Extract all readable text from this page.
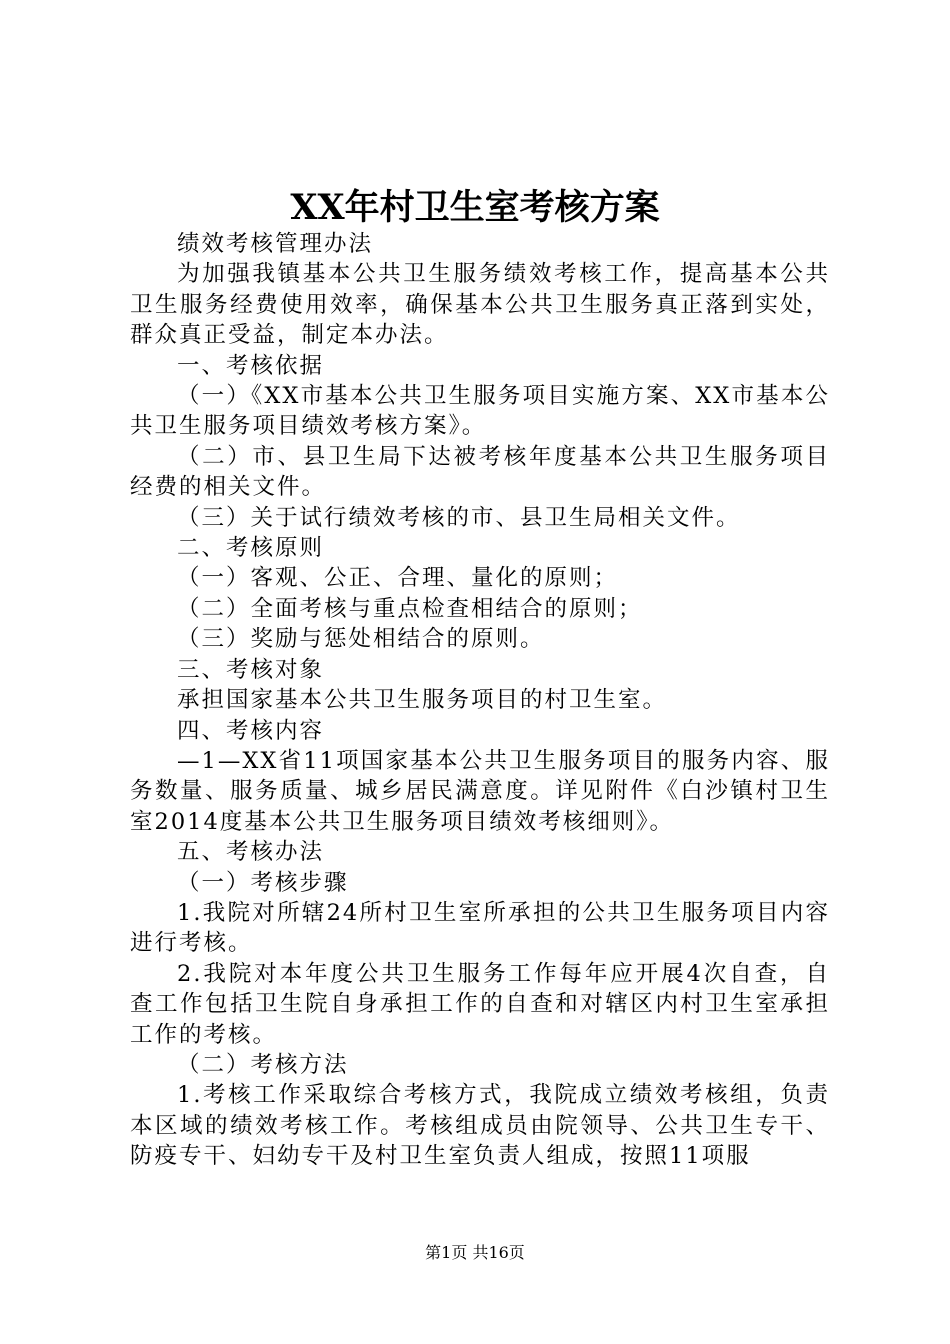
XX年村卫生室考核方案

绩效考核管理办法

为加强我镇基本公共卫生服务绩效考核工作，提高基本公共卫生服务经费使用效率，确保基本公共卫生服务真正落到实处，群众真正受益，制定本办法。

一、考核依据

（一）《XX市基本公共卫生服务项目实施方案、XX市基本公共卫生服务项目绩效考核方案》。

（二）市、县卫生局下达被考核年度基本公共卫生服务项目经费的相关文件。

（三）关于试行绩效考核的市、县卫生局相关文件。

二、考核原则

（一）客观、公正、合理、量化的原则；

（二）全面考核与重点检查相结合的原则；

（三）奖励与惩处相结合的原则。

三、考核对象

承担国家基本公共卫生服务项目的村卫生室。

四、考核内容

—1—XX省11项国家基本公共卫生服务项目的服务内容、服务数量、服务质量、城乡居民满意度。详见附件《白沙镇村卫生室2014度基本公共卫生服务项目绩效考核细则》。

五、考核办法

（一）考核步骤

1.我院对所辖24所村卫生室所承担的公共卫生服务项目内容进行考核。

2.我院对本年度公共卫生服务工作每年应开展4次自查，自查工作包括卫生院自身承担工作的自查和对辖区内村卫生室承担工作的考核。

（二）考核方法

1.考核工作采取综合考核方式，我院成立绩效考核组，负责本区域的绩效考核工作。考核组成员由院领导、公共卫生专干、防疫专干、妇幼专干及村卫生室负责人组成，按照11项服

第1页 共16页
